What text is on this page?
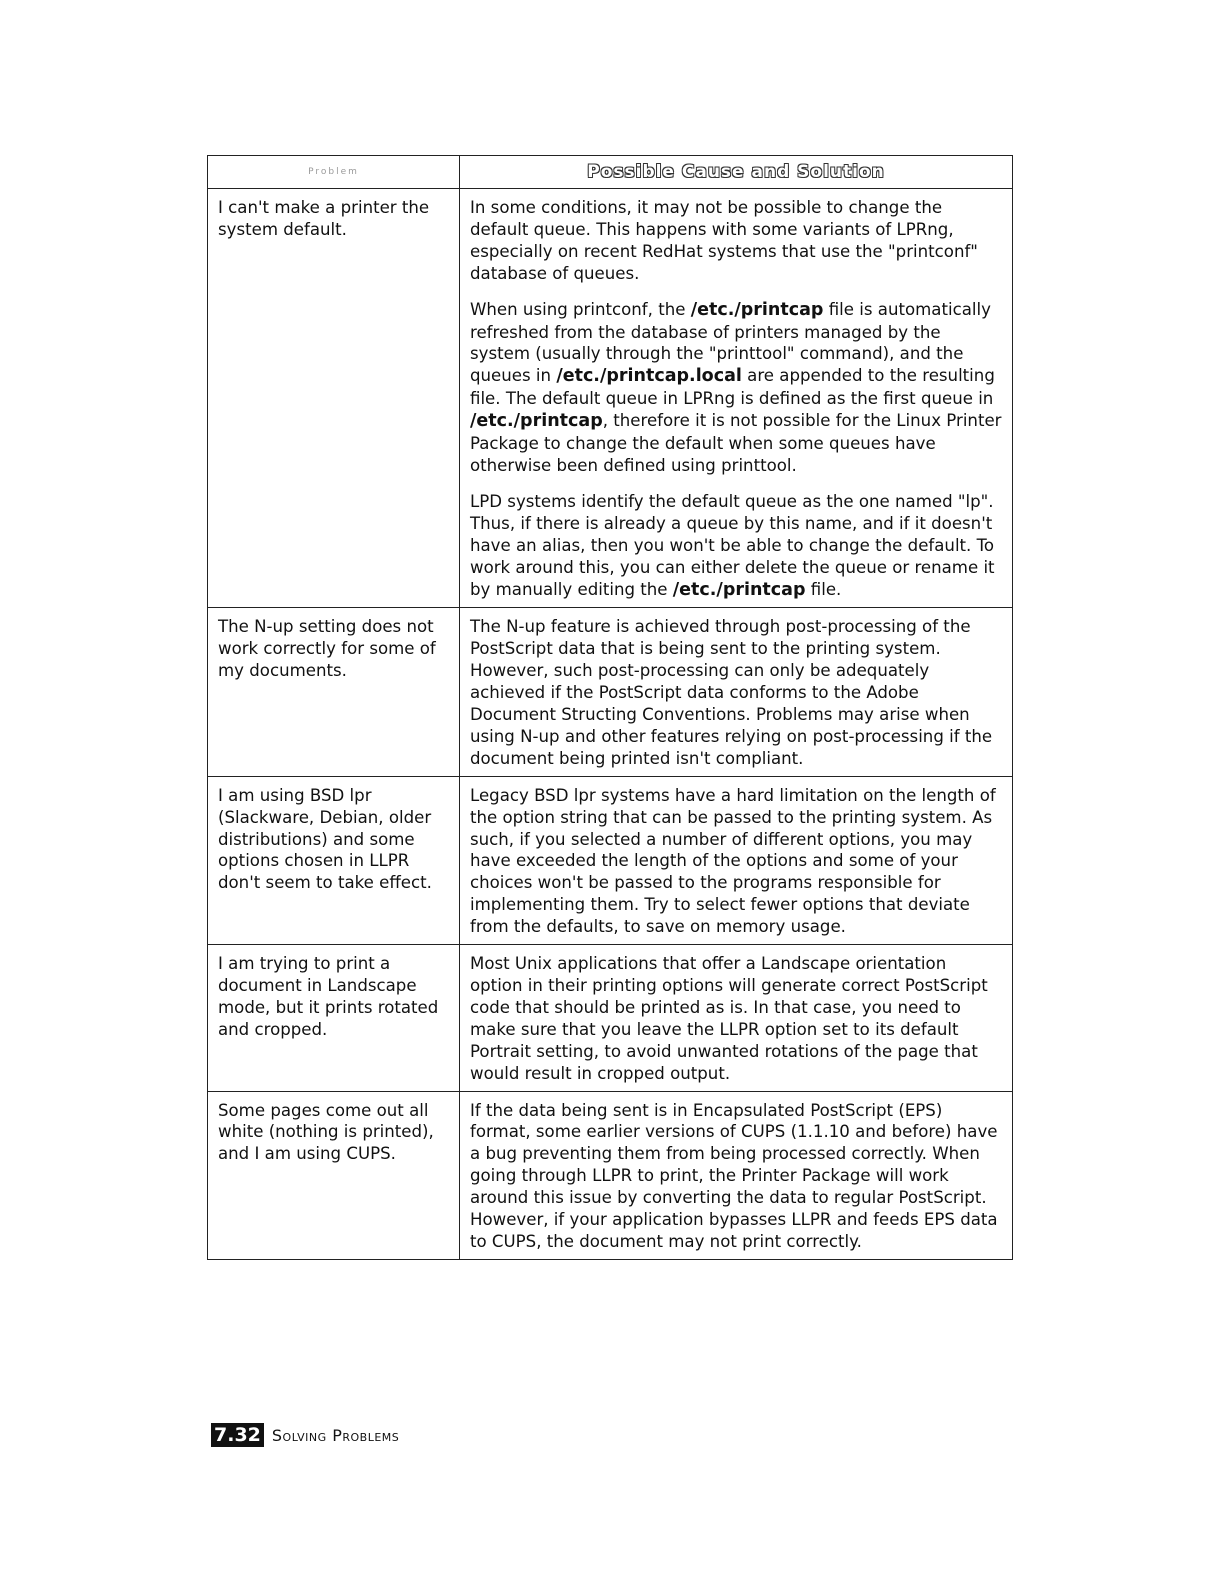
Problem	Possible Cause and Solution
I can't make a printer the system default.	In some conditions, it may not be possible to change the default queue. This happens with some variants of LPRng, especially on recent RedHat systems that use the "printconf" database of queues.

When using printconf, the /etc./printcap file is automatically refreshed from the database of printers managed by the system (usually through the "printtool" command), and the queues in /etc./printcap.local are appended to the resulting file. The default queue in LPRng is defined as the first queue in /etc./printcap, therefore it is not possible for the Linux Printer Package to change the default when some queues have otherwise been defined using printtool.

LPD systems identify the default queue as the one named "lp". Thus, if there is already a queue by this name, and if it doesn't have an alias, then you won't be able to change the default. To work around this, you can either delete the queue or rename it by manually editing the /etc./printcap file.

The N-up setting does not work correctly for some of my documents.	The N-up feature is achieved through post-processing of the PostScript data that is being sent to the printing system. However, such post-processing can only be adequately achieved if the PostScript data conforms to the Adobe Document Structing Conventions. Problems may arise when using N-up and other features relying on post-processing if the document being printed isn't compliant.
I am using BSD lpr (Slackware, Debian, older distributions) and some options chosen in LLPR don't seem to take effect.	Legacy BSD lpr systems have a hard limitation on the length of the option string that can be passed to the printing system. As such, if you selected a number of different options, you may have exceeded the length of the options and some of your choices won't be passed to the programs responsible for implementing them. Try to select fewer options that deviate from the defaults, to save on memory usage.
I am trying to print a document in Landscape mode, but it prints rotated and cropped.	Most Unix applications that offer a Landscape orientation option in their printing options will generate correct PostScript code that should be printed as is. In that case, you need to make sure that you leave the LLPR option set to its default Portrait setting, to avoid unwanted rotations of the page that would result in cropped output.
Some pages come out all white (nothing is printed), and I am using CUPS.	If the data being sent is in Encapsulated PostScript (EPS) format, some earlier versions of CUPS (1.1.10 and before) have a bug preventing them from being processed correctly. When going through LLPR to print, the Printer Package will work around this issue by converting the data to regular PostScript. However, if your application bypasses LLPR and feeds EPS data to CUPS, the document may not print correctly.
7.32 Solving Problems
